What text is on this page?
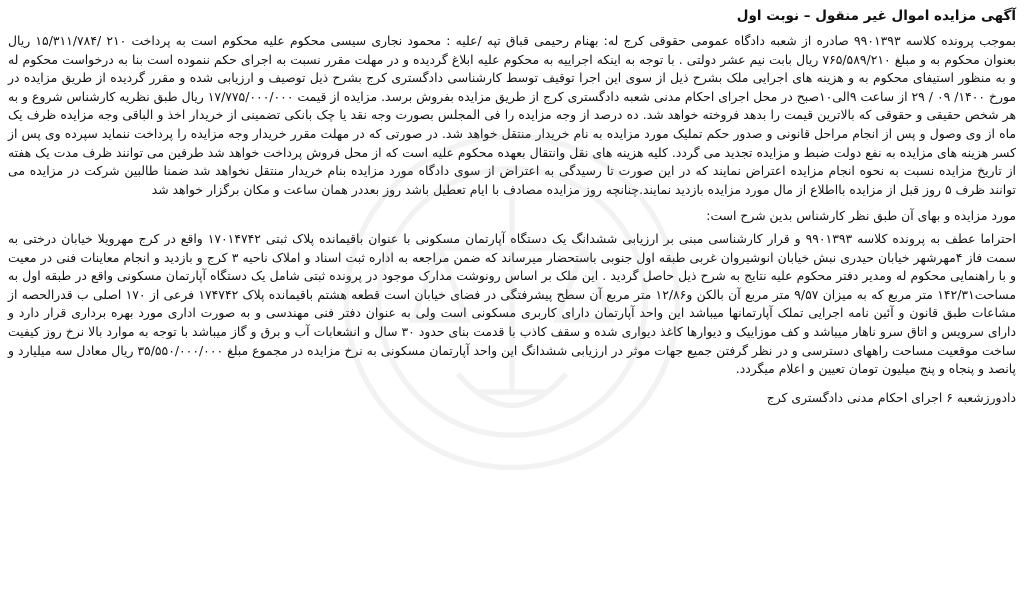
آگهی مزایده اموال غیر منقول – نوبت اول

بموجب پرونده کلاسه ۹۹۰۱۳۹۳ صادره از شعبه دادگاه عمومی حقوقی کرج له: بهنام رحیمی قباق تپه /علیه : محمود نجاری سیسی محکوم علیه محکوم است به پرداخت ۲۱۰ /۱۵/۳۱۱/۷۸۴ ریال بعنوان محکوم به و مبلغ ۷۶۵/۵۸۹/۲۱۰ ریال بابت نیم عشر دولتی . با توجه به اینکه اجراییه به محکوم علیه ابلاغ گردیده و در مهلت مقرر نسبت به اجرای حکم ننموده است بنا به درخواست محکوم له و به منظور استیفای محکوم به و هزینه های اجرایی ملک بشرح ذیل از سوی این اجرا توقیف توسط کارشناسی دادگستری کرج بشرح ذیل توصیف و ارزیابی شده و مقرر گردیده از طریق مزایده در مورخ ۱۴۰۰/ ۰۹ / ۲۹ از ساعت ۹الی۱۰صبح در محل اجرای احکام مدنی شعبه دادگستری کرج از طریق مزایده بفروش برسد. مزایده از قیمت ۱۷/۷۷۵/۰۰۰/۰۰۰ ریال طبق نظریه کارشناس شروع و به هر شخص حقیقی و حقوقی که بالاترین قیمت را بدهد فروخته خواهد شد. ده درصد از وجه مزایده را فی المجلس بصورت وجه نقد یا چک بانکی تضمینی از خریدار اخذ و الباقی وجه مزایده ظرف یک ماه از وی وصول و پس از انجام مراحل قانونی و صدور حکم تملیک مورد مزایده به نام خریدار منتقل خواهد شد. در صورتی که در مهلت مقرر خریدار وجه مزایده را پرداخت ننماید سپرده وی پس از کسر هزینه های مزایده به نفع دولت ضبط و مزایده تجدید می گردد. کلیه هزینه های نقل وانتقال بعهده محکوم علیه است که از محل فروش پرداخت خواهد شد طرفین می توانند ظرف مدت یک هفته از تاریخ مزایده نسبت به نحوه انجام مزایده اعتراض نمایند که در این صورت تا رسیدگی به اعتراض از سوی دادگاه مورد مزایده بنام خریدار منتقل نخواهد شد ضمنا طالبین شرکت در مزایده می توانند ظرف ۵ روز قبل از مزایده بااطلاع از مال مورد مزایده بازدید نمایند.چنانچه روز مزایده مصادف با ایام تعطیل باشد روز بعددر همان ساعت و مکان برگزار خواهد شد

مورد مزایده و بهای آن طبق نظر کارشناس بدین شرح است:

احتراما عطف به پرونده کلاسه ۹۹۰۱۳۹۳ و قرار کارشناسی مبنی بر ارزیابی ششدانگ یک دستگاه آپارتمان مسکونی با عنوان باقیمانده پلاک ثبتی ۱۷۰۱۴۷۴۲ واقع در کرج مهرویلا خیابان درختی به سمت فاز ۴مهرشهر خیابان حیدری نبش خیابان انوشیروان غربی طبقه اول جنوبی باستحضار میرساند که ضمن مراجعه به اداره ثبت اسناد و املاک ناحیه ۳ کرج و بازدید و انجام معاینات فنی در معیت و با راهنمایی محکوم له ومدیر دفتر محکوم علیه نتایج به شرح ذیل حاصل گردید . این ملک بر اساس رونوشت مدارک موجود در پرونده ثبتی شامل یک دستگاه آپارتمان مسکونی واقع در طبقه اول به مساحت۱۴۲/۳۱ متر مربع که به میزان ۹/۵۷ متر مربع آن بالکن و۱۲/۸۶ متر مربع آن سطح پیشرفتگی در فضای خیابان است قطعه هشتم باقیمانده پلاک ۱۷۴۷۴۲ فرعی از ۱۷۰ اصلی ب قدرالحصه از مشاعات طبق قانون و آئین نامه اجرایی تملک آپارتمانها میباشد این واحد آپارتمان دارای کاربری مسکونی است ولی به عنوان دفتر فنی مهندسی و به صورت اداری مورد بهره برداری قرار دارد و دارای سرویس و اتاق سرو ناهار میباشد و کف موزاییک و دیوارها کاغذ دیواری شده و سقف کاذب با قدمت بنای حدود ۳۰ سال و انشعابات آب و برق و گاز میباشد با توجه به موارد بالا نرخ روز کیفیت ساخت موقعیت مساحت راههای دسترسی و در نظر گرفتن جمیع جهات موثر در ارزیابی ششدانگ این واحد آپارتمان مسکونی به نرخ مزایده در مجموع مبلغ ۳۵/۵۵۰/۰۰۰/۰۰۰ ریال معادل سه میلیارد و پانصد و پنجاه و پنج میلیون تومان تعیین و اعلام میگردد.

دادورزشعبه ۶ اجرای احکام مدنی دادگستری کرج
